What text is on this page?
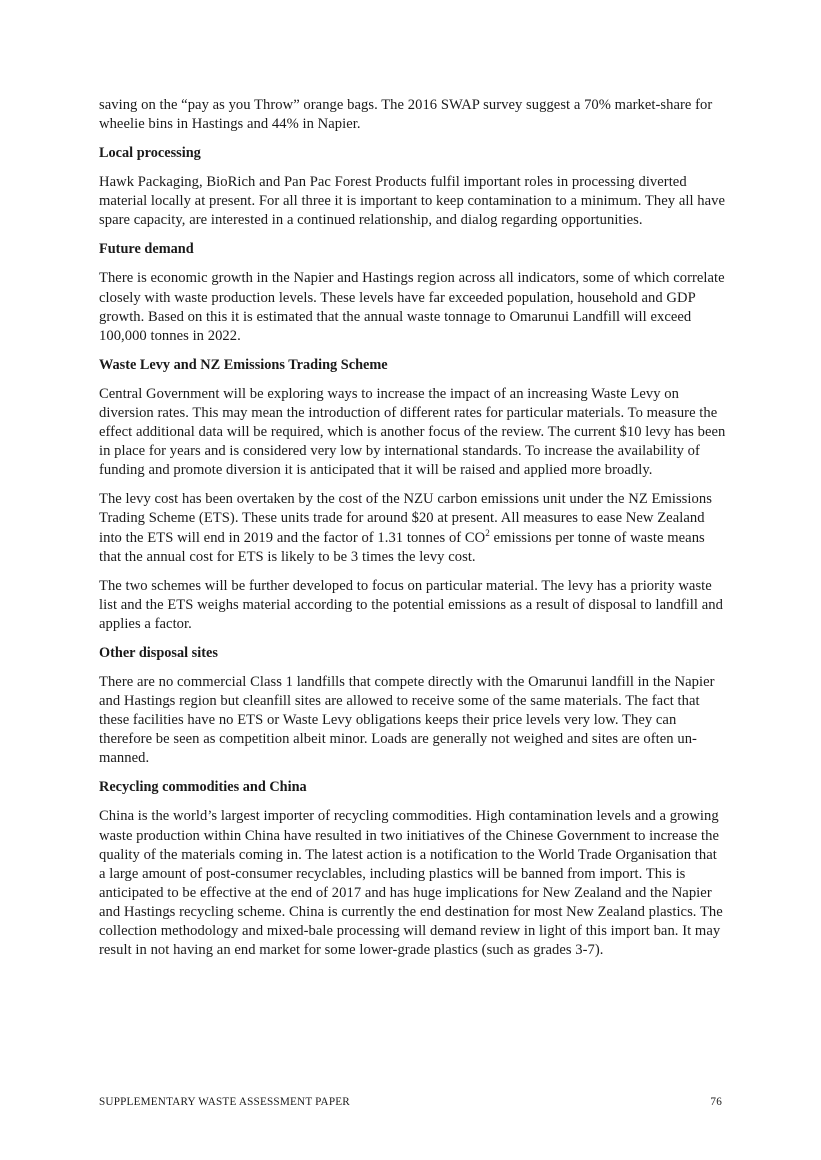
saving on the “pay as you Throw” orange bags. The 2016 SWAP survey suggest a 70% market-share for wheelie bins in Hastings and 44% in Napier.

Local processing

Hawk Packaging, BioRich and Pan Pac Forest Products fulfil important roles in processing diverted material locally at present. For all three it is important to keep contamination to a minimum. They all have spare capacity, are interested in a continued relationship, and dialog regarding opportunities.

Future demand

There is economic growth in the Napier and Hastings region across all indicators, some of which correlate closely with waste production levels. These levels have far exceeded population, household and GDP growth. Based on this it is estimated that the annual waste tonnage to Omarunui Landfill will exceed 100,000 tonnes in 2022.

Waste Levy and NZ Emissions Trading Scheme

Central Government will be exploring ways to increase the impact of an increasing Waste Levy on diversion rates. This may mean the introduction of different rates for particular materials. To measure the effect additional data will be required, which is another focus of the review. The current $10 levy has been in place for years and is considered very low by international standards. To increase the availability of funding and promote diversion it is anticipated that it will be raised and applied more broadly.

The levy cost has been overtaken by the cost of the NZU carbon emissions unit under the NZ Emissions Trading Scheme (ETS). These units trade for around $20 at present. All measures to ease New Zealand into the ETS will end in 2019 and the factor of 1.31 tonnes of $CO^2$ emissions per tonne of waste means that the annual cost for ETS is likely to be 3 times the levy cost.

The two schemes will be further developed to focus on particular material. The levy has a priority waste list and the ETS weighs material according to the potential emissions as a result of disposal to landfill and applies a factor.

Other disposal sites

There are no commercial Class 1 landfills that compete directly with the Omarunui landfill in the Napier and Hastings region but cleanfill sites are allowed to receive some of the same materials. The fact that these facilities have no ETS or Waste Levy obligations keeps their price levels very low. They can therefore be seen as competition albeit minor. Loads are generally not weighed and sites are often un-manned.

Recycling commodities and China

China is the world’s largest importer of recycling commodities. High contamination levels and a growing waste production within China have resulted in two initiatives of the Chinese Government to increase the quality of the materials coming in. The latest action is a notification to the World Trade Organisation that a large amount of post-consumer recyclables, including plastics will be banned from import. This is anticipated to be effective at the end of 2017 and has huge implications for New Zealand and the Napier and Hastings recycling scheme. China is currently the end destination for most New Zealand plastics. The collection methodology and mixed-bale processing will demand review in light of this import ban. It may result in not having an end market for some lower-grade plastics (such as grades 3-7).

SUPPLEMENTARY WASTE ASSESSMENT PAPER	76
